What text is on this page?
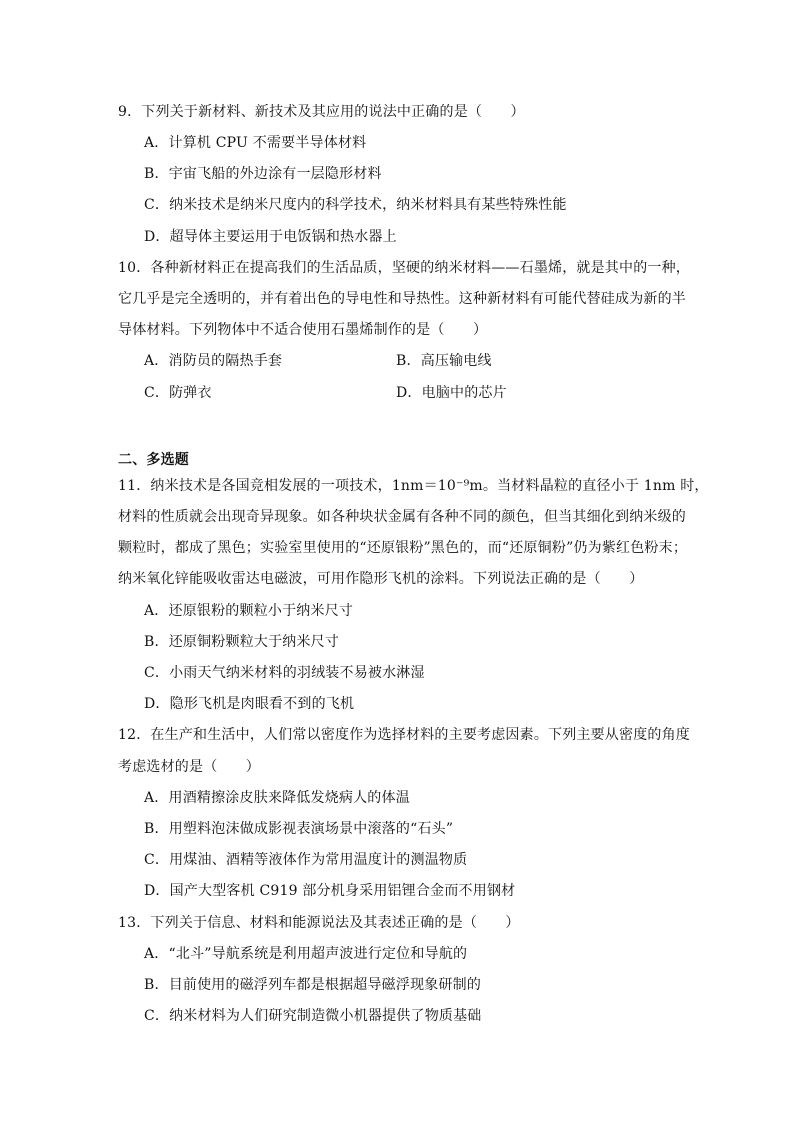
9．下列关于新材料、新技术及其应用的说法中正确的是（　　）
A．计算机 CPU 不需要半导体材料
B．宇宙飞船的外边涂有一层隐形材料
C．纳米技术是纳米尺度内的科学技术，纳米材料具有某些特殊性能
D．超导体主要运用于电饭锅和热水器上
10．各种新材料正在提高我们的生活品质，坚硬的纳米材料——石墨烯，就是其中的一种，
它几乎是完全透明的，并有着出色的导电性和导热性。这种新材料有可能代替硅成为新的半
导体材料。下列物体中不适合使用石墨烯制作的是（　　）
A．消防员的隔热手套	B．高压输电线
C．防弹衣	D．电脑中的芯片
二、多选题
11．纳米技术是各国竞相发展的一项技术，1nm＝10⁻⁹m。当材料晶粒的直径小于 1nm 时，
材料的性质就会出现奇异现象。如各种块状金属有各种不同的颜色，但当其细化到纳米级的
颗粒时，都成了黑色；实验室里使用的“还原银粉”黑色的，而“还原铜粉”仍为紫红色粉末；
纳米氧化锌能吸收雷达电磁波，可用作隐形飞机的涂料。下列说法正确的是（　　）
A．还原银粉的颗粒小于纳米尺寸
B．还原铜粉颗粒大于纳米尺寸
C．小雨天气纳米材料的羽绒装不易被水淋湿
D．隐形飞机是肉眼看不到的飞机
12．在生产和生活中，人们常以密度作为选择材料的主要考虑因素。下列主要从密度的角度
考虑选材的是（　　）
A．用酒精擦涂皮肤来降低发烧病人的体温
B．用塑料泡沫做成影视表演场景中滚落的“石头”
C．用煤油、酒精等液体作为常用温度计的测温物质
D．国产大型客机 C919 部分机身采用铝锂合金而不用钢材
13．下列关于信息、材料和能源说法及其表述正确的是（　　）
A．“北斗”导航系统是利用超声波进行定位和导航的
B．目前使用的磁浮列车都是根据超导磁浮现象研制的
C．纳米材料为人们研究制造微小机器提供了物质基础
